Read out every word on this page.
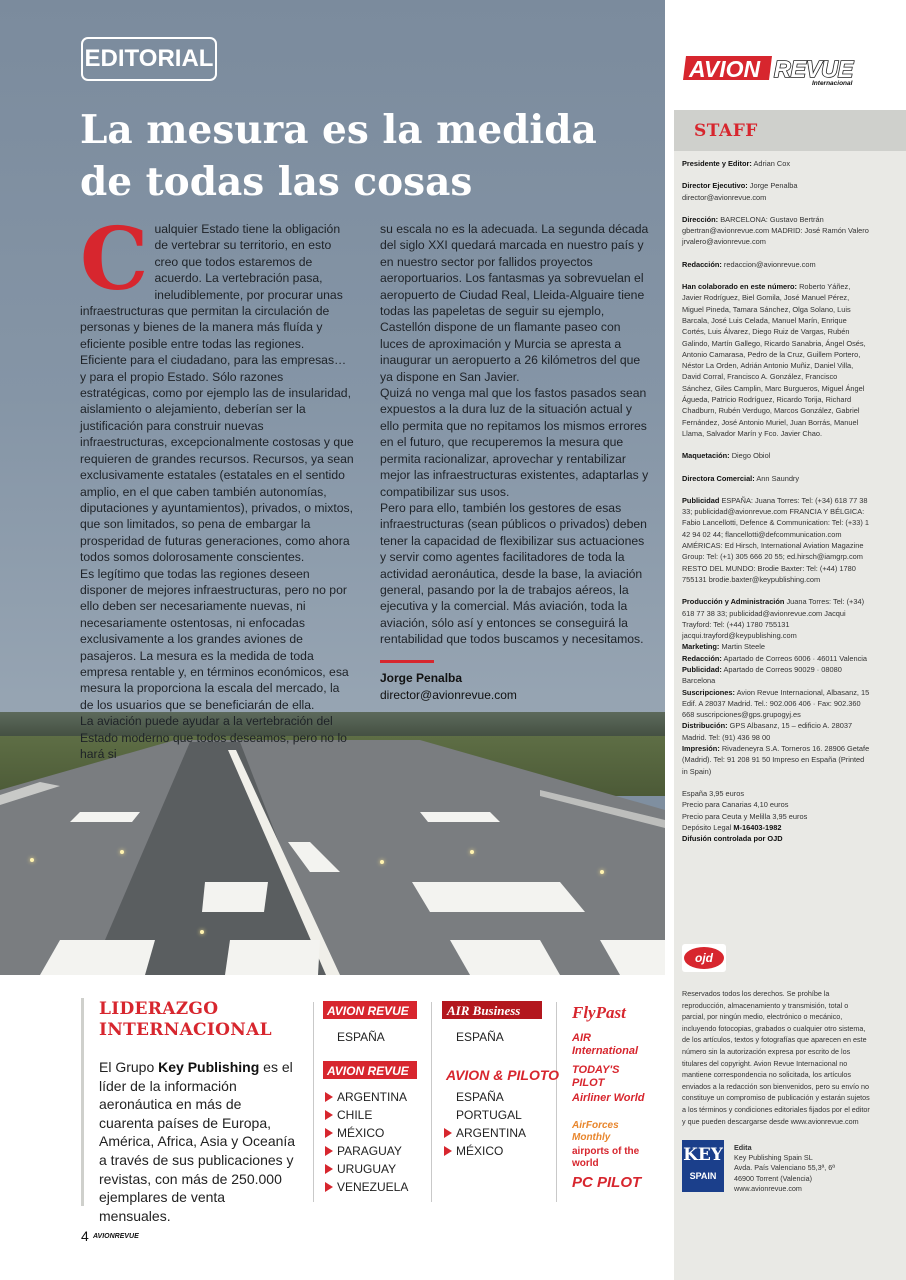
EDITORIAL
La mesura es la medida
de todas las cosas
C ualquier Estado tiene la obligación de vertebrar su territorio, en esto creo que todos estaremos de acuerdo. La vertebración pasa, ineludiblemente, por procurar unas infraestructuras que permitan la circulación de personas y bienes de la manera más fluída y eficiente posible entre todas las regiones. Eficiente para el ciudadano, para las empresas… y para el propio Estado. Sólo razones estratégicas, como por ejemplo las de insularidad, aislamiento o alejamiento, deberían ser la justificación para construir nuevas infraestructuras, excepcionalmente costosas y que requieren de grandes recursos. Recursos, ya sean exclusivamente estatales (estatales en el sentido amplio, en el que caben también autonomías, diputaciones y ayuntamientos), privados, o mixtos, que son limitados, so pena de embargar la prosperidad de futuras generaciones, como ahora todos somos dolorosamente conscientes.

Es legítimo que todas las regiones deseen disponer de mejores infraestructuras, pero no por ello deben ser necesariamente nuevas, ni necesariamente ostentosas, ni enfocadas exclusivamente a los grandes aviones de pasajeros. La mesura es la medida de toda empresa rentable y, en términos económicos, esa mesura la proporciona la escala del mercado, la de los usuarios que se beneficiarán de ella.

La aviación puede ayudar a la vertebración del Estado moderno que todos deseamos, pero no lo hará si

su escala no es la adecuada. La segunda década del siglo XXI quedará marcada en nuestro país y en nuestro sector por fallidos proyectos aeroportuarios. Los fantasmas ya sobrevuelan el aeropuerto de Ciudad Real, Lleida-Alguaire tiene todas las papeletas de seguir su ejemplo, Castellón dispone de un flamante paseo con luces de aproximación y Murcia se apresta a inaugurar un aeropuerto a 26 kilómetros del que ya dispone en San Javier.

Quizá no venga mal que los fastos pasados sean expuestos a la dura luz de la situación actual y ello permita que no repitamos los mismos errores en el futuro, que recuperemos la mesura que permita racionalizar, aprovechar y rentabilizar mejor las infraestructuras existentes, adaptarlas y compatibilizar sus usos.

Pero para ello, también los gestores de esas infraestructuras (sean públicos o privados) deben tener la capacidad de flexibilizar sus actuaciones y servir como agentes facilitadores de toda la actividad aeronáutica, desde la base, la aviación general, pasando por la de trabajos aéreos, la ejecutiva y la comercial. Más aviación, toda la aviación, sólo así y entonces se conseguirá la rentabilidad que todos buscamos y necesitamos.

Jorge Penalba
director@avionrevue.com
AVION REVUE
Internacional
STAFF
Presidente y Editor: Adrian Cox
Director Ejecutivo: Jorge Penalba director@avionrevue.com
Dirección: BARCELONA: Gustavo Bertrán gbertran@avionrevue.com MADRID: José Ramón Valero jrvalero@avionrevue.com
Redacción: redaccion@avionrevue.com
Han colaborado en este número: Roberto Yáñez, Javier Rodríguez, Biel Gomila, José Manuel Pérez, Miguel Pineda, Tamara Sánchez, Olga Solano, Luis Barcala, José Luis Celada, Manuel Marín, Enrique Cortés, Luis Álvarez, Diego Ruiz de Vargas, Rubén Galindo, Martín Gallego, Ricardo Sanabria, Ángel Osés, Antonio Camarasa, Pedro de la Cruz, Guillem Portero, Néstor La Orden, Adrián Antonio Muñiz, Daniel Villa, David Corral, Francisco A. González, Francisco Sánchez, Giles Camplin, Marc Burgueros, Miguel Ángel Águeda, Patricio Rodríguez, Ricardo Torija, Richard Chadburn, Rubén Verdugo, Marcos González, Gabriel Fernández, José Antonio Muriel, Juan Borrás, Manuel Llama, Salvador Marín y Fco. Javier Chao.
Maquetación: Diego Obiol
Directora Comercial: Ann Saundry
Publicidad ESPAÑA: Juana Torres: Tel: (+34) 618 77 38 33; publicidad@avionrevue.com FRANCIA Y BÉLGICA: Fabio Lancellotti, Defence & Communication: Tel: (+33) 1 42 94 02 44; flancellotti@defcommunication.com AMÉRICAS: Ed Hirsch, International Aviation Magazine Group: Tel: (+1) 305 666 20 55; ed.hirsch@iamgrp.com RESTO DEL MUNDO: Brodie Baxter: Tel: (+44) 1780 755131 brodie.baxter@keypublishing.com
Producción y Administración Juana Torres: Tel: (+34) 618 77 38 33; publicidad@avionrevue.com Jacqui Trayford: Tel: (+44) 1780 755131 jacqui.trayford@keypublishing.com
Marketing: Martin Steele
Redacción: Apartado de Correos 6006 · 46011 Valencia
Publicidad: Apartado de Correos 90029 · 08080 Barcelona
Suscripciones: Avion Revue Internacional, Albasanz, 15 Edif. A 28037 Madrid. Tel.: 902.006 406 · Fax: 902.360 668 suscripciones@gps.grupogyj.es
Distribución: GPS Albasanz, 15 – edificio A. 28037 Madrid. Tel: (91) 436 98 00
Impresión: Rivadeneyra S.A. Torneros 16. 28906 Getafe (Madrid). Tel: 91 208 91 50 Impreso en España (Printed in Spain)
España 3,95 euros
Precio para Canarias 4,10 euros
Precio para Ceuta y Melilla 3,95 euros
Depósito Legal M-16403-1982
Difusión controlada por OJD
ojd
Reservados todos los derechos. Se prohíbe la reproducción, almacenamiento y transmisión, total o parcial, por ningún medio, electrónico o mecánico, incluyendo fotocopias, grabados o cualquier otro sistema, de los artículos, textos y fotografías que aparecen en este número sin la autorización expresa por escrito de los titulares del copyright. Avion Revue Internacional no mantiene correspondencia no solicitada, los artículos enviados a la redacción son bienvenidos, pero su envío no constituye un compromiso de publicación y estarán sujetos a los términos y condiciones editoriales fijados por el editor y que pueden descargarse desde www.avionrevue.com
KEY
SPAIN
Edita
Key Publishing Spain SL
Avda. País Valenciano 55,3ª, 6ª
46900 Torrent (Valencia)
www.avionrevue.com
LIDERAZGO INTERNACIONAL
El Grupo Key Publishing es el líder de la información aeronáutica en más de cuarenta países de Europa, América, Africa, Asia y Oceanía a través de sus publicaciones y revistas, con más de 250.000 ejemplares de venta mensuales.
AVION REVUE
ESPAÑA
AVION REVUE
ARGENTINA
CHILE
MÉXICO
PARAGUAY
URUGUAY
VENEZUELA
AIR Business
ESPAÑA
AVION & PILOTO
ESPAÑA
PORTUGAL
ARGENTINA
MÉXICO
FlyPast
AIR International
TODAY'S PILOT
Airliner World
AirForces Monthly
airports of the world
PC PILOT
4 AVIONREVUE
